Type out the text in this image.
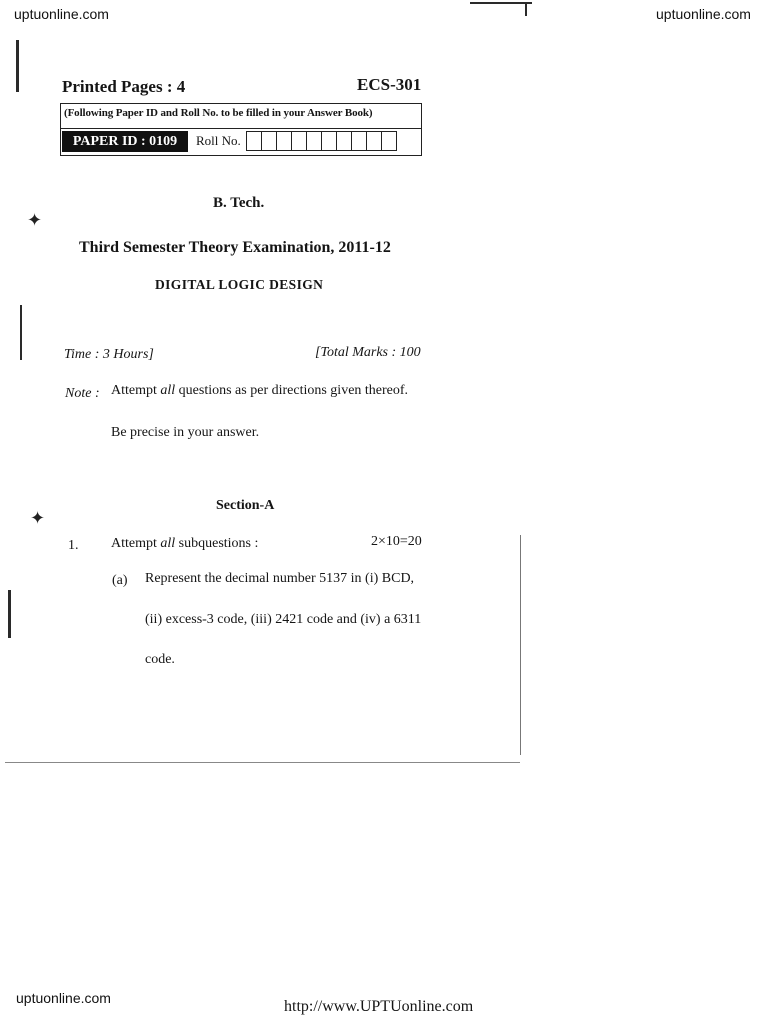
uptuonline.com	uptuonline.com
uptuonline.com	http://www.UPTUonline.com
✦
✦
Printed Pages : 4	ECS-301
(Following Paper ID and Roll No. to be filled in your Answer Book)
PAPER ID : 0109	Roll No.
B. Tech.
Third Semester Theory Examination, 2011-12
DIGITAL LOGIC DESIGN
Time : 3 Hours]	[Total Marks : 100
Note : Attempt all questions as per directions given thereof.
Be precise in your answer.
Section-A
1. Attempt all subquestions :	2×10=20
(a) Represent the decimal number 5137 in (i) BCD,
(ii) excess-3 code, (iii) 2421 code and (iv) a 6311
code.
